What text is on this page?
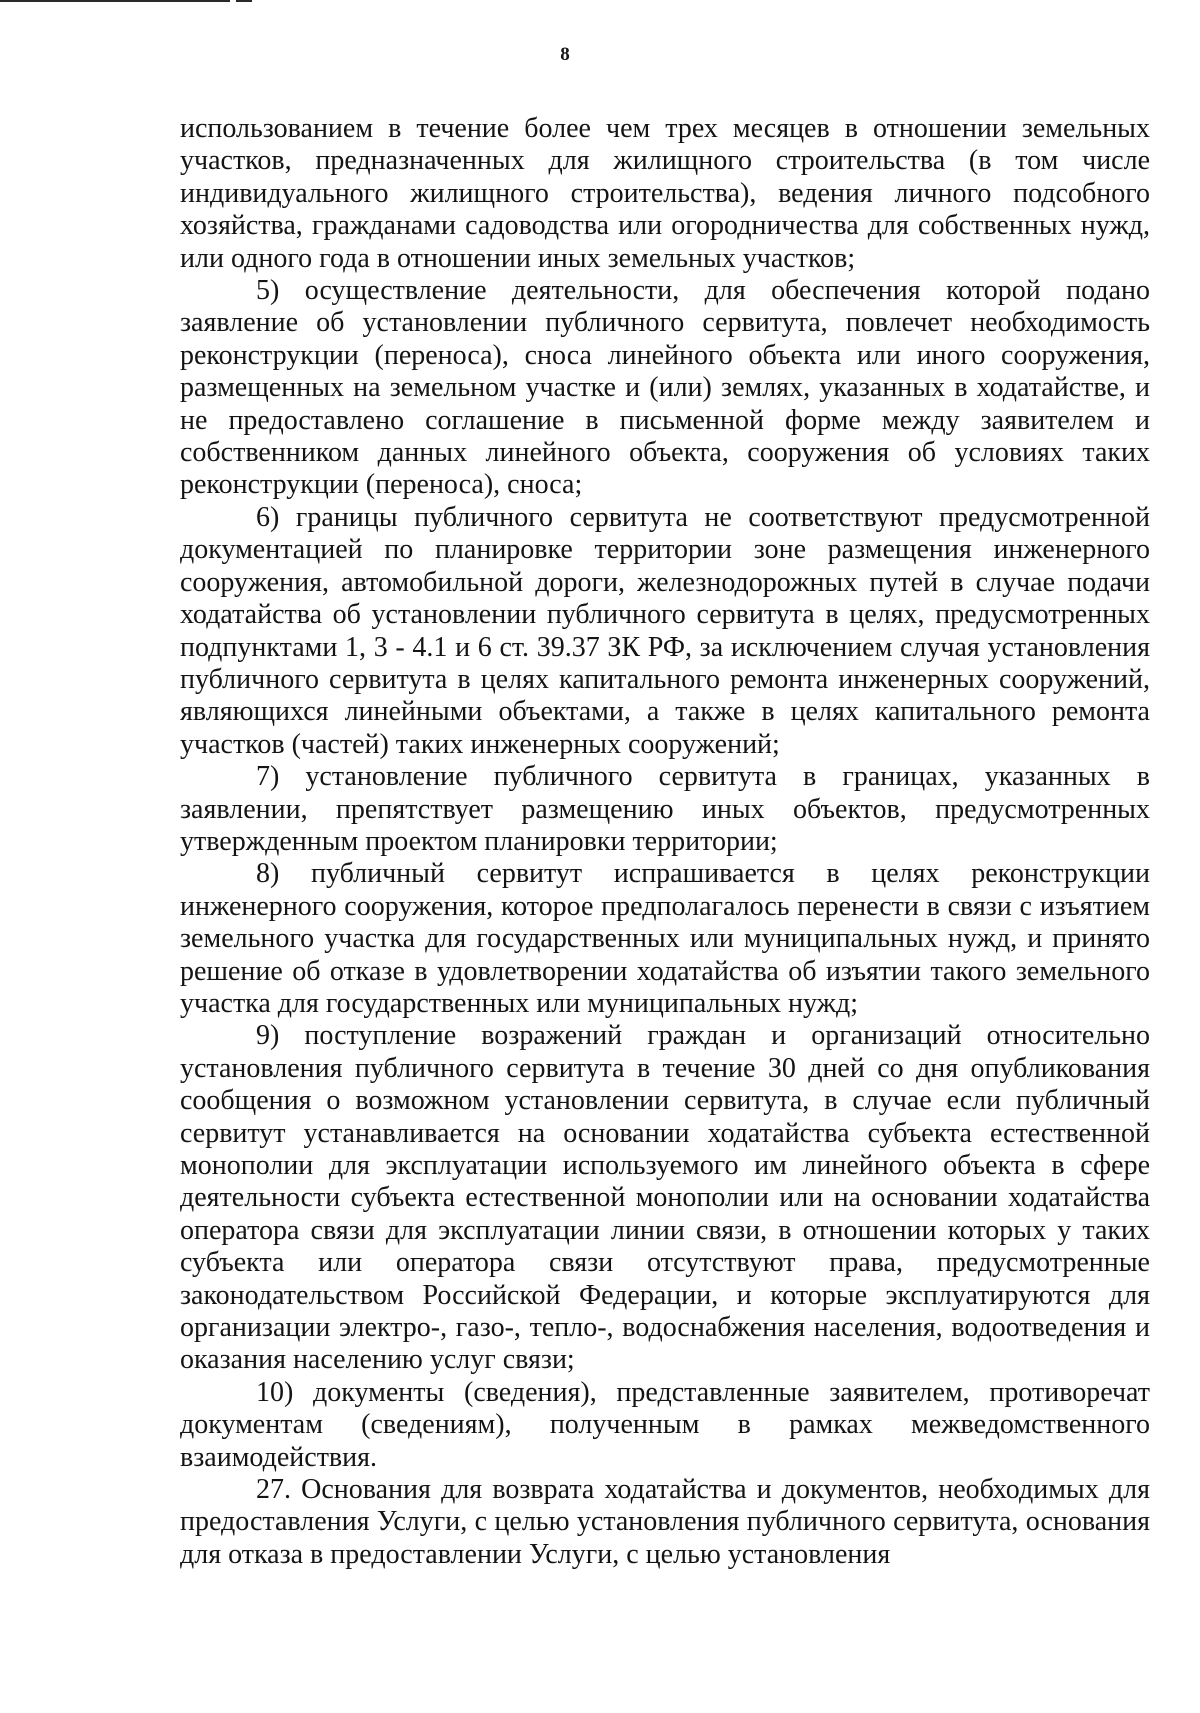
8

использованием в течение более чем трех месяцев в отношении земельных участков, предназначенных для жилищного строительства (в том числе индивидуального жилищного строительства), ведения личного подсобного хозяйства, гражданами садоводства или огородничества для собственных нужд, или одного года в отношении иных земельных участков;

5) осуществление деятельности, для обеспечения которой подано заявление об установлении публичного сервитута, повлечет необходимость реконструкции (переноса), сноса линейного объекта или иного сооружения, размещенных на земельном участке и (или) землях, указанных в ходатайстве, и не предоставлено соглашение в письменной форме между заявителем и собственником данных линейного объекта, сооружения об условиях таких реконструкции (переноса), сноса;

6) границы публичного сервитута не соответствуют предусмотренной документацией по планировке территории зоне размещения инженерного сооружения, автомобильной дороги, железнодорожных путей в случае подачи ходатайства об установлении публичного сервитута в целях, предусмотренных подпунктами 1, 3 - 4.1 и 6 ст. 39.37 ЗК РФ, за исключением случая установления публичного сервитута в целях капитального ремонта инженерных сооружений, являющихся линейными объектами, а также в целях капитального ремонта участков (частей) таких инженерных сооружений;

7) установление публичного сервитута в границах, указанных в заявлении, препятствует размещению иных объектов, предусмотренных утвержденным проектом планировки территории;

8) публичный сервитут испрашивается в целях реконструкции инженерного сооружения, которое предполагалось перенести в связи с изъятием земельного участка для государственных или муниципальных нужд, и принято решение об отказе в удовлетворении ходатайства об изъятии такого земельного участка для государственных или муниципальных нужд;

9) поступление возражений граждан и организаций относительно установления публичного сервитута в течение 30 дней со дня опубликования сообщения о возможном установлении сервитута, в случае если публичный сервитут устанавливается на основании ходатайства субъекта естественной монополии для эксплуатации используемого им линейного объекта в сфере деятельности субъекта естественной монополии или на основании ходатайства оператора связи для эксплуатации линии связи, в отношении которых у таких субъекта или оператора связи отсутствуют права, предусмотренные законодательством Российской Федерации, и которые эксплуатируются для организации электро-, газо-, тепло-, водоснабжения населения, водоотведения и оказания населению услуг связи;

10) документы (сведения), представленные заявителем, противоречат документам (сведениям), полученным в рамках межведомственного взаимодействия.

27. Основания для возврата ходатайства и документов, необходимых для предоставления Услуги, с целью установления публичного сервитута, основания для отказа в предоставлении Услуги, с целью установления
